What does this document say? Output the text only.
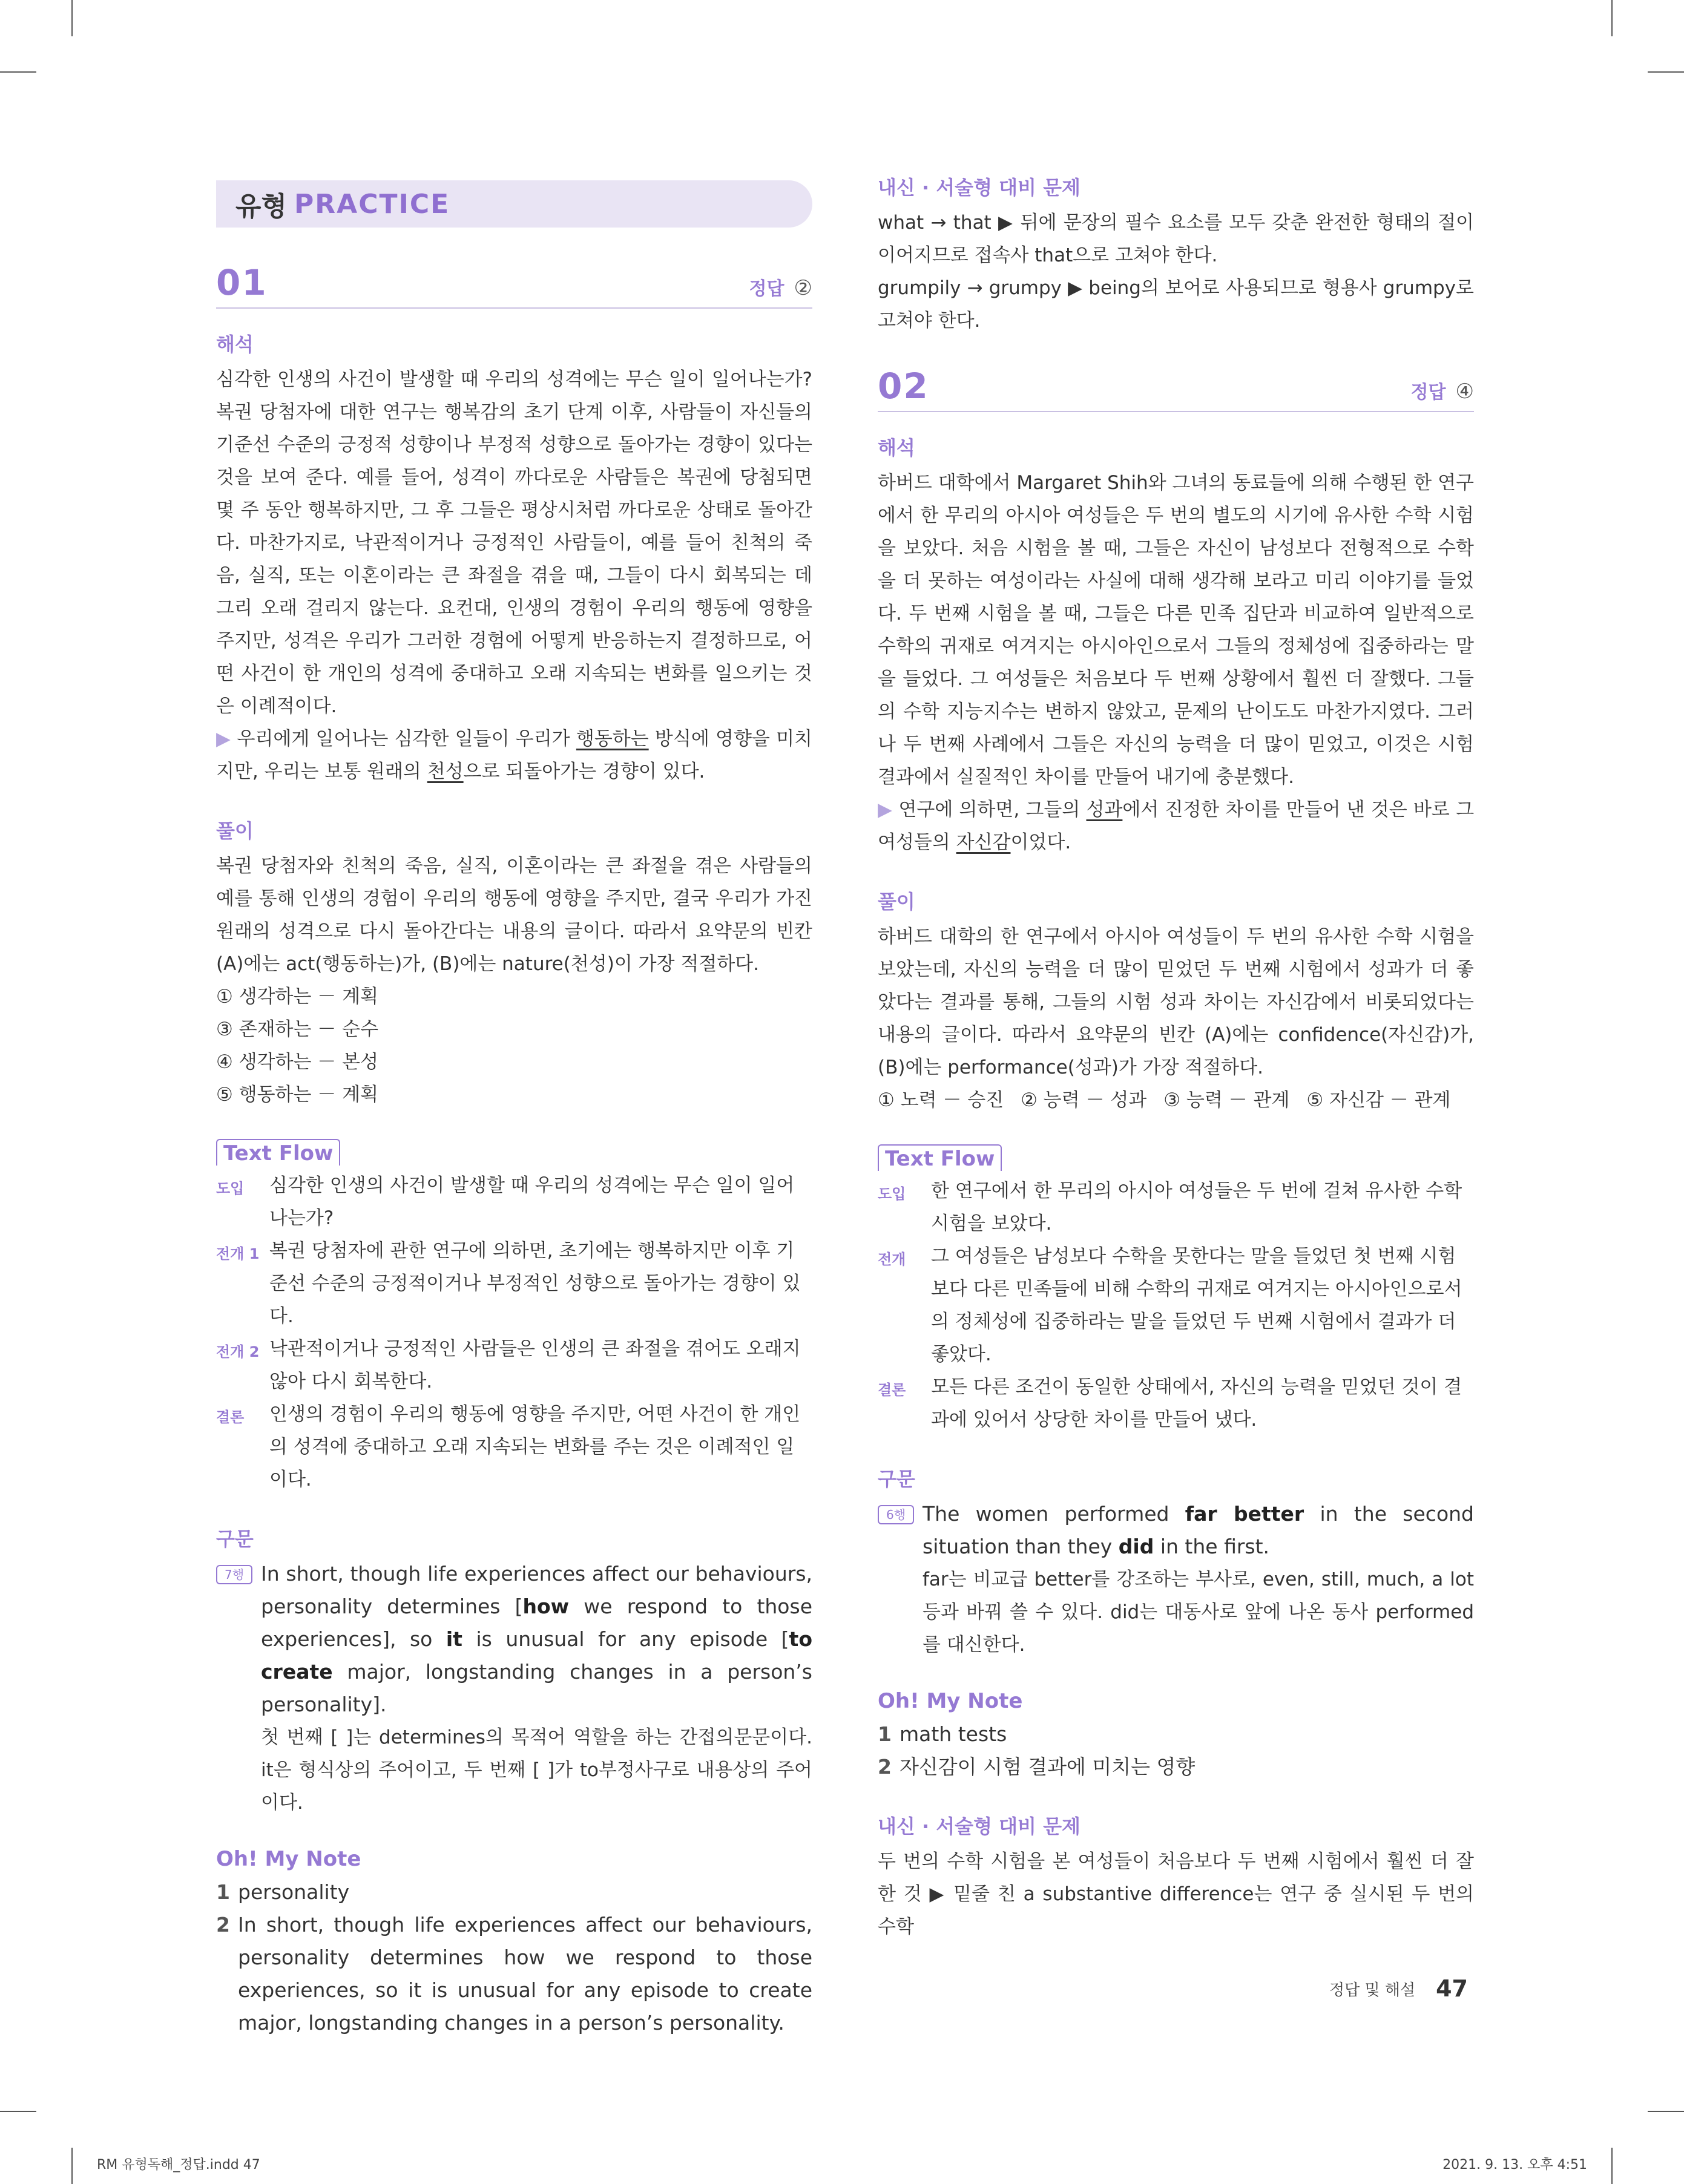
유형 PRACTICE
01	정답 ②
해석

심각한 인생의 사건이 발생할 때 우리의 성격에는 무슨 일이 일어나는가? 복권 당첨자에 대한 연구는 행복감의 초기 단계 이후, 사람들이 자신들의 기준선 수준의 긍정적 성향이나 부정적 성향으로 돌아가는 경향이 있다는 것을 보여 준다. 예를 들어, 성격이 까다로운 사람들은 복권에 당첨되면 몇 주 동안 행복하지만, 그 후 그들은 평상시처럼 까다로운 상태로 돌아간다. 마찬가지로, 낙관적이거나 긍정적인 사람들이, 예를 들어 친척의 죽음, 실직, 또는 이혼이라는 큰 좌절을 겪을 때, 그들이 다시 회복되는 데 그리 오래 걸리지 않는다. 요컨대, 인생의 경험이 우리의 행동에 영향을 주지만, 성격은 우리가 그러한 경험에 어떻게 반응하는지 결정하므로, 어떤 사건이 한 개인의 성격에 중대하고 오래 지속되는 변화를 일으키는 것은 이례적이다.

▶ 우리에게 일어나는 심각한 일들이 우리가 행동하는 방식에 영향을 미치지만, 우리는 보통 원래의 천성으로 되돌아가는 경향이 있다.

풀이

복권 당첨자와 친척의 죽음, 실직, 이혼이라는 큰 좌절을 겪은 사람들의 예를 통해 인생의 경험이 우리의 행동에 영향을 주지만, 결국 우리가 가진 원래의 성격으로 다시 돌아간다는 내용의 글이다. 따라서 요약문의 빈칸 (A)에는 act(행동하는)가, (B)에는 nature(천성)이 가장 적절하다.

① 생각하는 － 계획
③ 존재하는 － 순수
④ 생각하는 － 본성
⑤ 행동하는 － 계획
Text Flow
도입	심각한 인생의 사건이 발생할 때 우리의 성격에는 무슨 일이 일어나는가?
전개 1 복권 당첨자에 관한 연구에 의하면, 초기에는 행복하지만 이후 기준선 수준의 긍정적이거나 부정적인 성향으로 돌아가는 경향이 있다.
전개 2 낙관적이거나 긍정적인 사람들은 인생의 큰 좌절을 겪어도 오래지 않아 다시 회복한다.
결론	인생의 경험이 우리의 행동에 영향을 주지만, 어떤 사건이 한 개인의 성격에 중대하고 오래 지속되는 변화를 주는 것은 이례적인 일이다.
구문
7행 In short, though life experiences affect our behaviours, personality determines [how we respond to those experiences], so it is unusual for any episode [to create major, longstanding changes in a person’s personality].
첫 번째 [ ]는 determines의 목적어 역할을 하는 간접의문문이다. it은 형식상의 주어이고, 두 번째 [ ]가 to부정사구로 내용상의 주어이다.
Oh! My Note
1 personality
2 In short, though life experiences affect our behaviours, personality determines how we respond to those experiences, so it is unusual for any episode to create major, longstanding changes in a person’s personality.
내신 · 서술형 대비 문제

what → that ▶ 뒤에 문장의 필수 요소를 모두 갖춘 완전한 형태의 절이 이어지므로 접속사 that으로 고쳐야 한다.

grumpily → grumpy ▶ being의 보어로 사용되므로 형용사 grumpy로 고쳐야 한다.

02	정답 ④
해석

하버드 대학에서 Margaret Shih와 그녀의 동료들에 의해 수행된 한 연구에서 한 무리의 아시아 여성들은 두 번의 별도의 시기에 유사한 수학 시험을 보았다. 처음 시험을 볼 때, 그들은 자신이 남성보다 전형적으로 수학을 더 못하는 여성이라는 사실에 대해 생각해 보라고 미리 이야기를 들었다. 두 번째 시험을 볼 때, 그들은 다른 민족 집단과 비교하여 일반적으로 수학의 귀재로 여겨지는 아시아인으로서 그들의 정체성에 집중하라는 말을 들었다. 그 여성들은 처음보다 두 번째 상황에서 훨씬 더 잘했다. 그들의 수학 지능지수는 변하지 않았고, 문제의 난이도도 마찬가지였다. 그러나 두 번째 사례에서 그들은 자신의 능력을 더 많이 믿었고, 이것은 시험 결과에서 실질적인 차이를 만들어 내기에 충분했다.

▶ 연구에 의하면, 그들의 성과에서 진정한 차이를 만들어 낸 것은 바로 그 여성들의 자신감이었다.

풀이

하버드 대학의 한 연구에서 아시아 여성들이 두 번의 유사한 수학 시험을 보았는데, 자신의 능력을 더 많이 믿었던 두 번째 시험에서 성과가 더 좋았다는 결과를 통해, 그들의 시험 성과 차이는 자신감에서 비롯되었다는 내용의 글이다. 따라서 요약문의 빈칸 (A)에는 confidence(자신감)가, (B)에는 performance(성과)가 가장 적절하다.

① 노력 － 승진 ② 능력 － 성과 ③ 능력 － 관계 ⑤ 자신감 － 관계
Text Flow
도입	한 연구에서 한 무리의 아시아 여성들은 두 번에 걸쳐 유사한 수학 시험을 보았다.
전개	그 여성들은 남성보다 수학을 못한다는 말을 들었던 첫 번째 시험보다 다른 민족들에 비해 수학의 귀재로 여겨지는 아시아인으로서의 정체성에 집중하라는 말을 들었던 두 번째 시험에서 결과가 더 좋았다.
결론	모든 다른 조건이 동일한 상태에서, 자신의 능력을 믿었던 것이 결과에 있어서 상당한 차이를 만들어 냈다.
구문
6행 The women performed far better in the second situation than they did in the first.
far는 비교급 better를 강조하는 부사로, even, still, much, a lot 등과 바꿔 쓸 수 있다. did는 대동사로 앞에 나온 동사 performed를 대신한다.
Oh! My Note
1 math tests
2 자신감이 시험 결과에 미치는 영향
내신 · 서술형 대비 문제

두 번의 수학 시험을 본 여성들이 처음보다 두 번째 시험에서 훨씬 더 잘한 것 ▶ 밑줄 친 a substantive difference는 연구 중 실시된 두 번의 수학

정답 및 해설 47
RM 유형독해_정답.indd 47	2021. 9. 13. 오후 4:51
